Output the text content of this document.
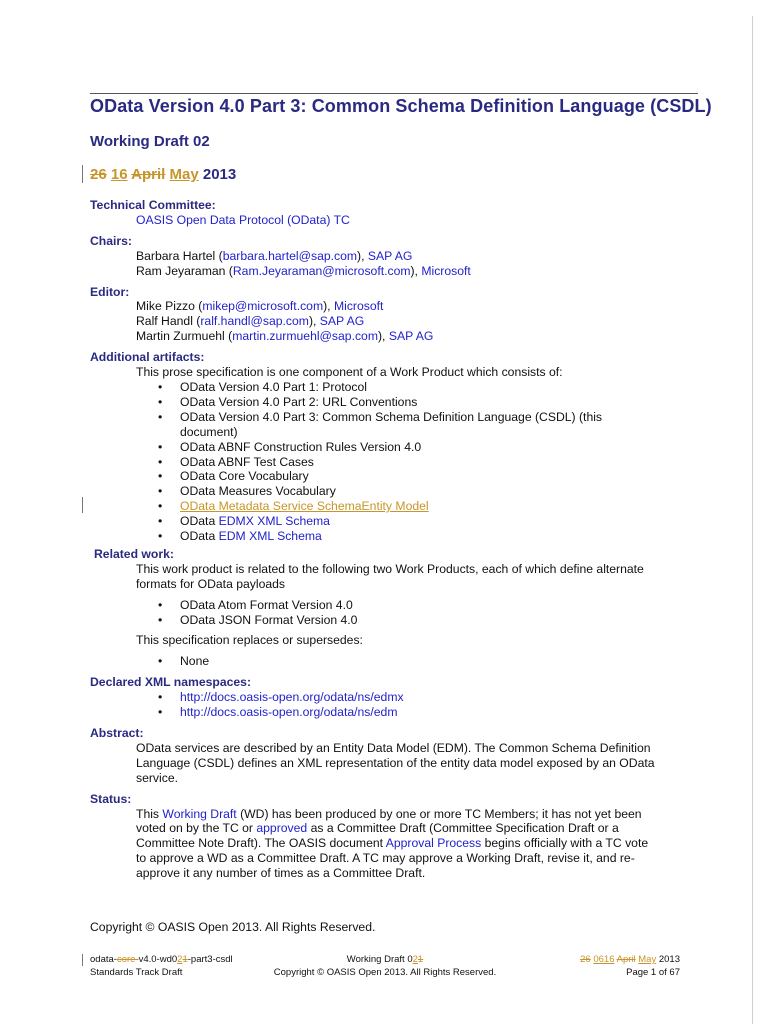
OData Version 4.0 Part 3: Common Schema Definition Language (CSDL)
Working Draft 02
26 16 April May 2013
Technical Committee:
OASIS Open Data Protocol (OData) TC
Chairs:

Barbara Hartel (barbara.hartel@sap.com), SAP AG

Ram Jeyaraman (Ram.Jeyaraman@microsoft.com), Microsoft

Editor:

Mike Pizzo (mikep@microsoft.com), Microsoft

Ralf Handl (ralf.handl@sap.com), SAP AG

Martin Zurmuehl (martin.zurmuehl@sap.com), SAP AG

Additional artifacts:

This prose specification is one component of a Work Product which consists of:

• OData Version 4.0 Part 1: Protocol
• OData Version 4.0 Part 2: URL Conventions
• OData Version 4.0 Part 3: Common Schema Definition Language (CSDL) (this
document)
• OData ABNF Construction Rules Version 4.0
• OData ABNF Test Cases
• OData Core Vocabulary
• OData Measures Vocabulary
• OData Metadata Service SchemaEntity Model
• OData EDMX XML Schema
• OData EDM XML Schema
Related work:

This work product is related to the following two Work Products, each of which define alternate

formats for OData payloads

• OData Atom Format Version 4.0
• OData JSON Format Version 4.0

This specification replaces or supersedes:

• None
Declared XML namespaces:
• http://docs.oasis-open.org/odata/ns/edmx
• http://docs.oasis-open.org/odata/ns/edm
Abstract:

OData services are described by an Entity Data Model (EDM). The Common Schema Definition

Language (CSDL) defines an XML representation of the entity data model exposed by an OData

service.

Status:

This Working Draft (WD) has been produced by one or more TC Members; it has not yet been

voted on by the TC or approved as a Committee Draft (Committee Specification Draft or a

Committee Note Draft). The OASIS document Approval Process begins officially with a TC vote

to approve a WD as a Committee Draft. A TC may approve a Working Draft, revise it, and re-

approve it any number of times as a Committee Draft.

Copyright © OASIS Open 2013. All Rights Reserved.
odata-core-v4.0-wd021-part3-csdl
Standards Track Draft
Working Draft 021
Copyright © OASIS Open 2013. All Rights Reserved.
26 0616 April May 2013
Page 1 of 67
